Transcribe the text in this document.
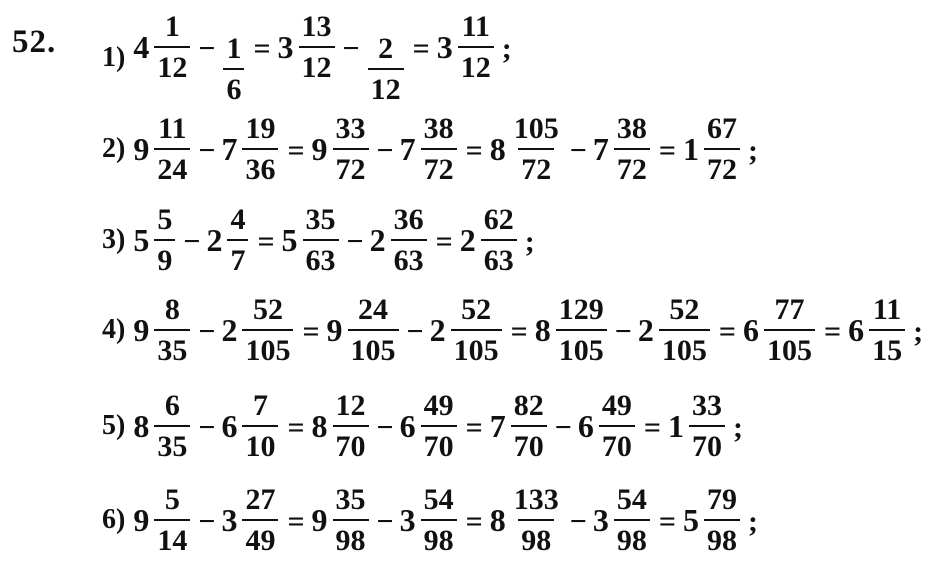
52. 1) $4 \frac{1}{12} - \frac{1}{6} = 3 \frac{13}{12} - \frac{2}{12} = 3 \frac{11}{12}$ ;
2) $9 \frac{11}{24} - 7 \frac{19}{36} = 9 \frac{33}{72} - 7 \frac{38}{72} = 8 \frac{105}{72} - 7 \frac{38}{72} = 1 \frac{67}{72}$ ;
3) $5 \frac{5}{9} - 2 \frac{4}{7} = 5 \frac{35}{63} - 2 \frac{36}{63} = 2 \frac{62}{63}$ ;
4) $9 \frac{8}{35} - 2 \frac{52}{105} = 9 \frac{24}{105} - 2 \frac{52}{105} = 8 \frac{129}{105} - 2 \frac{52}{105} = 6 \frac{77}{105} = 6 \frac{11}{15}$ ;
5) $8 \frac{6}{35} - 6 \frac{7}{10} = 8 \frac{12}{70} - 6 \frac{49}{70} = 7 \frac{82}{70} - 6 \frac{49}{70} = 1 \frac{33}{70}$ ;
6) $9 \frac{5}{14} - 3 \frac{27}{49} = 9 \frac{35}{98} - 3 \frac{54}{98} = 8 \frac{133}{98} - 3 \frac{54}{98} = 5 \frac{79}{98}$ ;
